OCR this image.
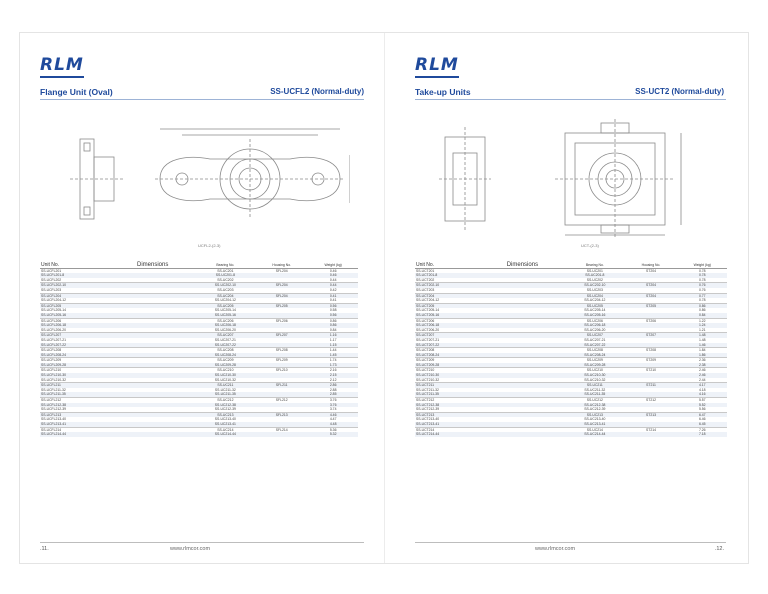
RLM
Flange Unit (Oval)	SS-UCFL2 (Normal-duty)
UCFL2-(2-3)
Unit No.	Dimensions	Bearing No.	Housing No.	Weight (kg)
SS-UCFL201		SS-UC201	SFL204	0.46
SS-UCFL201-8		SS-UC201-8		0.46
SS-UCFL202		SS-UC202		0.44
SS-UCFL202-10		SS-UC202-10	SFL204	0.44
SS-UCFL203		SS-UC203		0.42
SS-UCFL204		SS-UC204	SFL204	0.41
SS-UCFL204-12		SS-UC204-12		0.41
SS-UCFL205		SS-UC205	SFL205	0.56
SS-UCFL205-14		SS-UC205-14		0.58
SS-UCFL205-16		SS-UC205-16		0.56
SS-UCFL206		SS-UC206	SFL206	0.86
SS-UCFL206-18		SS-UC206-18		0.86
SS-UCFL206-20		SS-UC206-20		0.84
SS-UCFL207		SS-UC207	SFL207	1.16
SS-UCFL207-21		SS-UC207-21		1.17
SS-UCFL207-22		SS-UC207-22		1.15
SS-UCFL208		SS-UC208	SFL208	1.44
SS-UCFL208-24		SS-UC208-24		1.45
SS-UCFL209		SS-UC209	SFL209	1.74
SS-UCFL209-28		SS-UC209-28		1.73
SS-UCFL210		SS-UC210	SFL210	2.16
SS-UCFL210-30		SS-UC210-30		2.15
SS-UCFL210-32		SS-UC210-32		2.12
SS-UCFL211		SS-UC211	SFL211	2.86
SS-UCFL211-32		SS-UC211-32		2.88
SS-UCFL211-35		SS-UC211-35		2.85
SS-UCFL212		SS-UC212	SFL212	3.76
SS-UCFL212-38		SS-UC212-38		3.76
SS-UCFL212-39		SS-UC212-39		3.74
SS-UCFL213		SS-UC213	SFL213	4.46
SS-UCFL213-40		SS-UC213-40		4.47
SS-UCFL213-41		SS-UC213-41		4.48
SS-UCFL214		SS-UC214	SFL214	5.36
SS-UCFL214-44		SS-UC214-44		5.32
.11.	www.rlmcor.com
RLM
Take-up Units	SS-UCT2 (Normal-duty)
UCT-(2-3)
Unit No.	Dimensions	Bearing No.	Housing No.	Weight (kg)
SS-UCT201		SS-UC201	ST204	0.78
SS-UCT201-8		SS-UC201-8		0.78
SS-UCT202		SS-UC202		0.78
SS-UCT202-10		SS-UC202-10	ST204	0.76
SS-UCT203		SS-UC203		0.76
SS-UCT204		SS-UC204	ST204	0.77
SS-UCT204-12		SS-UC204-12		0.78
SS-UCT205		SS-UC205	ST205	0.86
SS-UCT205-14		SS-UC205-14		0.86
SS-UCT205-16		SS-UC205-16		0.84
SS-UCT206		SS-UC206	ST206	1.22
SS-UCT206-18		SS-UC206-18		1.24
SS-UCT206-20		SS-UC206-20		1.21
SS-UCT207		SS-UC207	ST207	1.48
SS-UCT207-21		SS-UC207-21		1.48
SS-UCT207-22		SS-UC207-22		1.46
SS-UCT208		SS-UC208	ST208	1.84
SS-UCT208-24		SS-UC208-24		1.86
SS-UCT209		SS-UC209	ST209	2.36
SS-UCT209-28		SS-UC209-28		2.38
SS-UCT210		SS-UC210	ST210	2.46
SS-UCT210-30		SS-UC210-30		2.46
SS-UCT210-32		SS-UC210-32		2.44
SS-UCT211		SS-UC211	ST211	4.17
SS-UCT211-32		SS-UC211-32		4.18
SS-UCT211-35		SS-UC211-35		4.16
SS-UCT212		SS-UC212	ST212	5.57
SS-UCT212-38		SS-UC212-38		5.52
SS-UCT212-39		SS-UC212-39		5.56
SS-UCT213		SS-UC213	ST213	6.47
SS-UCT213-40		SS-UC213-40		6.46
SS-UCT213-41		SS-UC213-41		6.45
SS-UCT214		SS-UC214	ST214	7.26
SS-UCT214-44		SS-UC214-44		7.18
.12.
www.rlmcor.com
